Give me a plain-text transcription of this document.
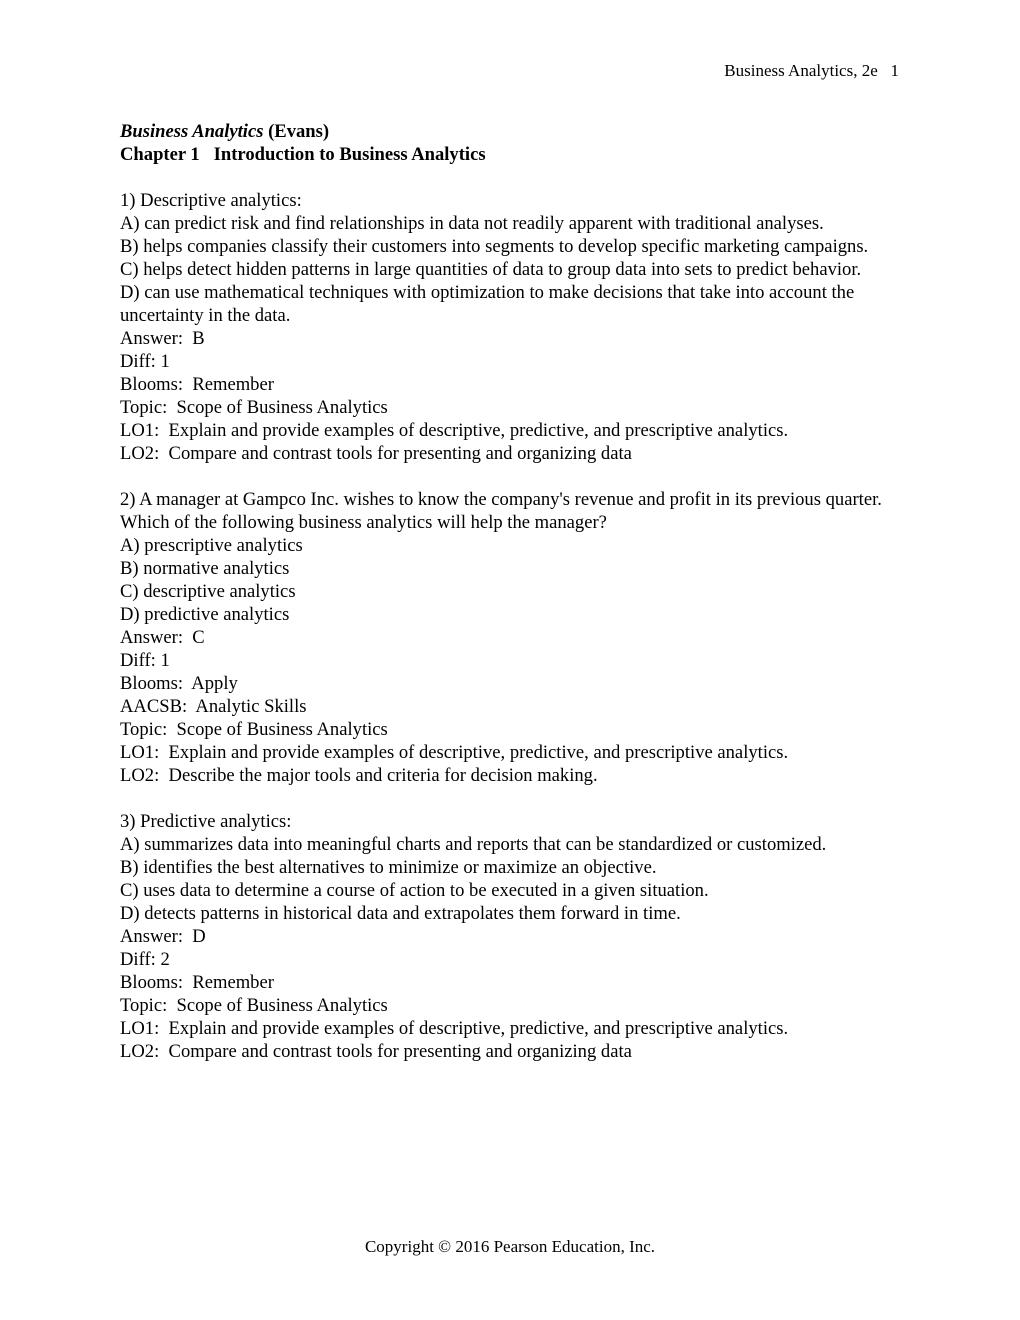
Business Analytics, 2e 1
Business Analytics (Evans)
Chapter 1   Introduction to Business Analytics
1) Descriptive analytics:
A) can predict risk and find relationships in data not readily apparent with traditional analyses.
B) helps companies classify their customers into segments to develop specific marketing campaigns.
C) helps detect hidden patterns in large quantities of data to group data into sets to predict behavior.
D) can use mathematical techniques with optimization to make decisions that take into account the uncertainty in the data.
Answer:  B
Diff: 1
Blooms:  Remember
Topic:  Scope of Business Analytics
LO1:  Explain and provide examples of descriptive, predictive, and prescriptive analytics.
LO2:  Compare and contrast tools for presenting and organizing data
2) A manager at Gampco Inc. wishes to know the company's revenue and profit in its previous quarter. Which of the following business analytics will help the manager?
A) prescriptive analytics
B) normative analytics
C) descriptive analytics
D) predictive analytics
Answer:  C
Diff: 1
Blooms:  Apply
AACSB:  Analytic Skills
Topic:  Scope of Business Analytics
LO1:  Explain and provide examples of descriptive, predictive, and prescriptive analytics.
LO2:  Describe the major tools and criteria for decision making.
3) Predictive analytics:
A) summarizes data into meaningful charts and reports that can be standardized or customized.
B) identifies the best alternatives to minimize or maximize an objective.
C) uses data to determine a course of action to be executed in a given situation.
D) detects patterns in historical data and extrapolates them forward in time.
Answer:  D
Diff: 2
Blooms:  Remember
Topic:  Scope of Business Analytics
LO1:  Explain and provide examples of descriptive, predictive, and prescriptive analytics.
LO2:  Compare and contrast tools for presenting and organizing data
Copyright © 2016 Pearson Education, Inc.
